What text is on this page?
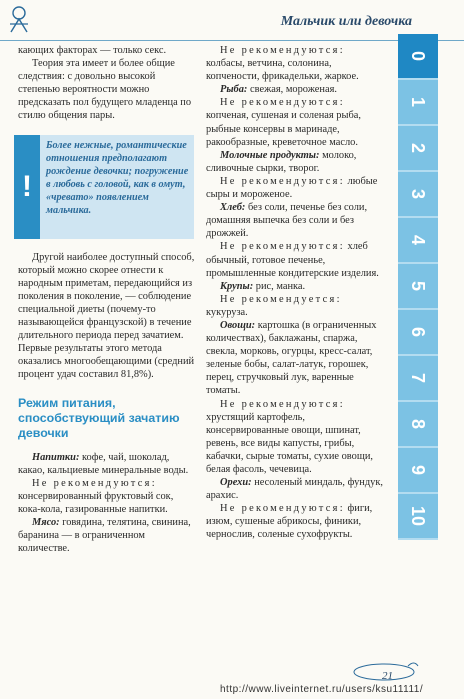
Мальчик или девочка

кающих факторах — только секс.

Теория эта имеет и более общие следствия: с довольно высокой степенью вероятности можно предсказать пол будущего младенца по стилю общения пары.

!
Более нежные, романтические отношения предполагают рождение девочки; погружение в любовь с головой, как в омут, «чревато» появлением мальчика.

Другой наиболее доступный способ, который можно скорее отнести к народным приметам, передающийся из поколения в поколение, — соблюдение специальной диеты (почему-то называющейся французской) в течение длительного периода перед зачатием. Первые результаты этого метода оказались многообещающими (средний процент удач составил 81,8%).

Режим питания, способствующий зачатию девочки

Напитки: кофе, чай, шоколад, какао, кальциевые минеральные воды.

Не рекомендуются: консервированный фруктовый сок, кока-кола, газированные напитки.

Мясо: говядина, телятина, свинина, баранина — в ограниченном количестве.

Не рекомендуются: колбасы, ветчина, солонина, копчености, фрикадельки, жаркое.

Рыба: свежая, мороженая.

Не рекомендуются: копченая, сушеная и соленая рыба, рыбные консервы в маринаде, ракообразные, креветочное масло.

Молочные продукты: молоко, сливочные сырки, творог.

Не рекомендуются: любые сыры и мороженое.

Хлеб: без соли, печенье без соли, домашняя выпечка без соли и без дрожжей.

Не рекомендуются: хлеб обычный, готовое печенье, промышленные кондитерские изделия.

Крупы: рис, манка.

Не рекомендуется: кукуруза.

Овощи: картошка (в ограниченных количествах), баклажаны, спаржа, свекла, морковь, огурцы, кресс-салат, зеленые бобы, салат-латук, горошек, перец, стручковый лук, варенные томаты.

Не рекомендуются: хрустящий картофель, консервированные овощи, шпинат, ревень, все виды капусты, грибы, кабачки, сырые томаты, сухие овощи, белая фасоль, чечевица.

Орехи: несоленый миндаль, фундук, арахис.

Не рекомендуются: фиги, изюм, сушеные абрикосы, финики, чернослив, соленые сухофрукты.

0
1
2
3
4
5
6
7
8
9
10
21
http://www.liveinternet.ru/users/ksu11111/
